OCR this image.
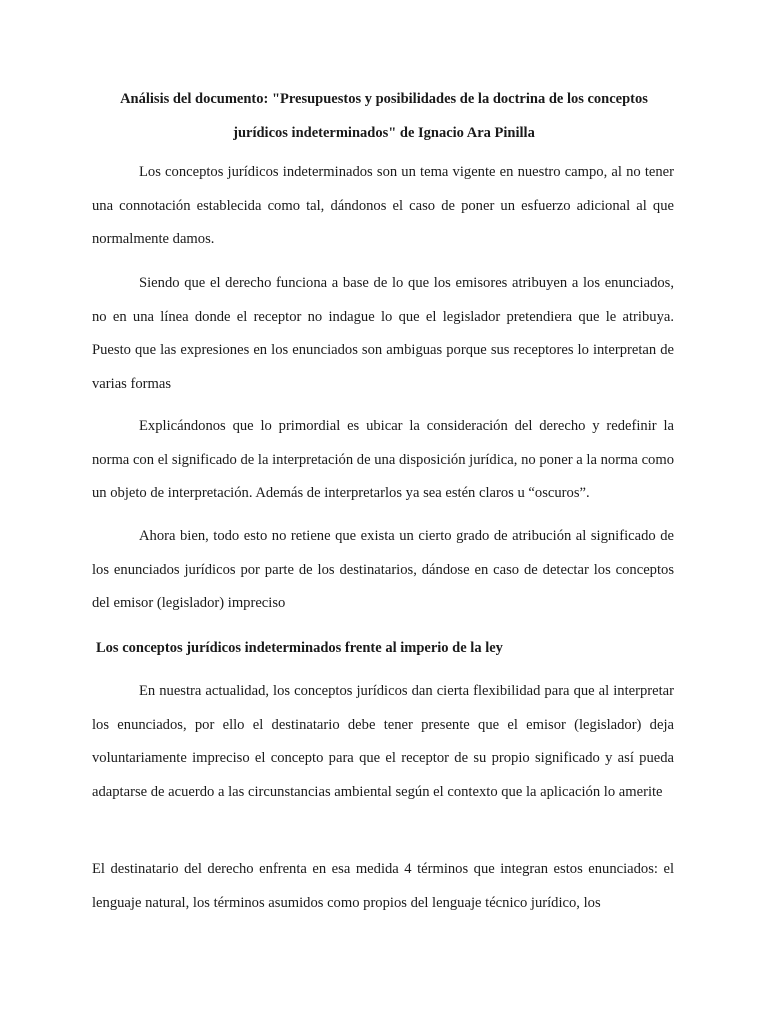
Análisis del documento: "Presupuestos y posibilidades de la doctrina de los conceptos

jurídicos indeterminados" de Ignacio Ara Pinilla

Los conceptos jurídicos indeterminados son un tema vigente en nuestro campo, al no tener una connotación establecida como tal, dándonos el caso de poner un esfuerzo adicional al que normalmente damos.

Siendo que el derecho funciona a base de lo que los emisores atribuyen a los enunciados, no en una línea donde el receptor no indague lo que el legislador pretendiera que le atribuya. Puesto que las expresiones en los enunciados son ambiguas porque sus receptores lo interpretan de varias formas

Explicándonos que lo primordial es ubicar la consideración del derecho y redefinir la norma con el significado de la interpretación de una disposición jurídica, no poner a la norma como un objeto de interpretación. Además de interpretarlos ya sea estén claros u “oscuros”.

Ahora bien, todo esto no retiene que exista un cierto grado de atribución al significado de los enunciados jurídicos por parte de los destinatarios, dándose en caso de detectar los conceptos del emisor (legislador) impreciso

Los conceptos jurídicos indeterminados frente al imperio de la ley

En nuestra actualidad, los conceptos jurídicos dan cierta flexibilidad para que al interpretar los enunciados, por ello el destinatario debe tener presente que el emisor (legislador) deja voluntariamente impreciso el concepto para que el receptor de su propio significado y así pueda adaptarse de acuerdo a las circunstancias ambiental según el contexto que la aplicación lo amerite

El destinatario del derecho enfrenta en esa medida 4 términos que integran estos enunciados: el lenguaje natural, los términos asumidos como propios del lenguaje técnico jurídico, los
